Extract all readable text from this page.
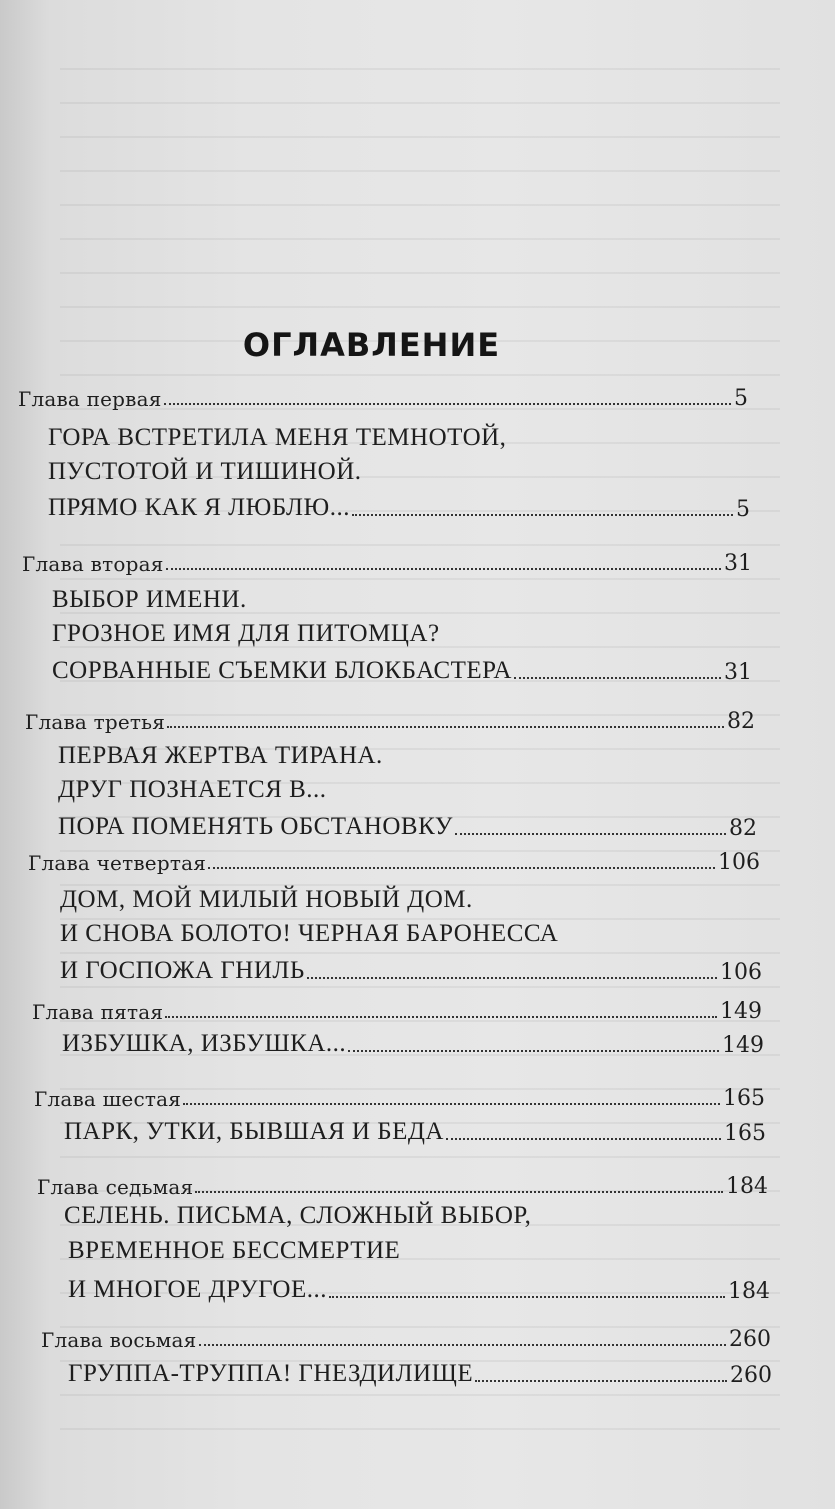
ОГЛАВЛЕНИЕ
Глава первая	5
ГОРА ВСТРЕТИЛА МЕНЯ ТЕМНОТОЙ,
ПУСТОТОЙ И ТИШИНОЙ.
ПРЯМО КАК Я ЛЮБЛЮ...	5
Глава вторая	31
ВЫБОР ИМЕНИ.
ГРОЗНОЕ ИМЯ ДЛЯ ПИТОМЦА?
СОРВАННЫЕ СЪЕМКИ БЛОКБАСТЕРА	31
Глава третья	82
ПЕРВАЯ ЖЕРТВА ТИРАНА.
ДРУГ ПОЗНАЕТСЯ В...
ПОРА ПОМЕНЯТЬ ОБСТАНОВКУ	82
Глава четвертая	106
ДОМ, МОЙ МИЛЫЙ НОВЫЙ ДОМ.
И СНОВА БОЛОТО! ЧЕРНАЯ БАРОНЕССА
И ГОСПОЖА ГНИЛЬ	106
Глава пятая	149
ИЗБУШКА, ИЗБУШКА...	149
Глава шестая	165
ПАРК, УТКИ, БЫВШАЯ И БЕДА	165
Глава седьмая	184
СЕЛЕНЬ. ПИСЬМА, СЛОЖНЫЙ ВЫБОР,
ВРЕМЕННОЕ БЕССМЕРТИЕ
И МНОГОЕ ДРУГОЕ...	184
Глава восьмая	260
ГРУППА-ТРУППА! ГНЕЗДИЛИЩЕ	260
